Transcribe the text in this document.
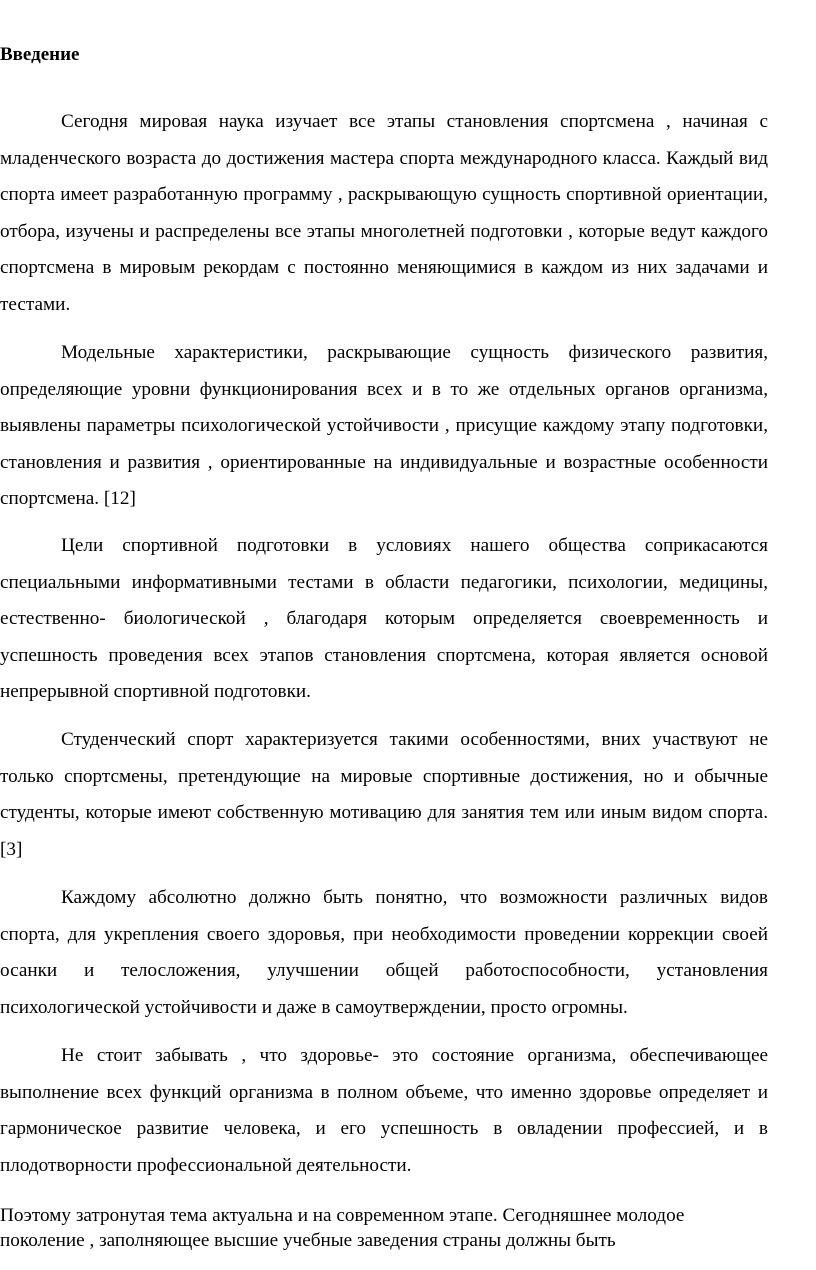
Введение

Сегодня мировая наука изучает все этапы становления спортсмена , начиная с младенческого возраста до достижения мастера спорта международного класса. Каждый вид спорта имеет разработанную программу , раскрывающую сущность спортивной ориентации, отбора, изучены и распределены все этапы многолетней подготовки , которые ведут каждого спортсмена в мировым рекордам с постоянно меняющимися в каждом из них задачами и тестами.

Модельные характеристики, раскрывающие сущность физического развития, определяющие уровни функционирования всех и в то же отдельных органов организма, выявлены параметры психологической устойчивости , присущие каждому этапу подготовки, становления и развития , ориентированные на индивидуальные и возрастные особенности спортсмена. [12]

Цели спортивной подготовки в условиях нашего общества соприкасаются специальными информативными тестами в области педагогики, психологии, медицины, естественно- биологической , благодаря которым определяется своевременность и успешность проведения всех этапов становления спортсмена, которая является основой непрерывной спортивной подготовки.

Студенческий спорт характеризуется такими особенностями, вних участвуют не только спортсмены, претендующие на мировые спортивные достижения, но и обычные студенты, которые имеют собственную мотивацию для занятия тем или иным видом спорта. [3]

Каждому абсолютно должно быть понятно, что возможности различных видов спорта, для укрепления своего здоровья, при необходимости проведении коррекции своей осанки и телосложения, улучшении общей работоспособности, установления психологической устойчивости и даже в самоутверждении, просто огромны.

Не стоит забывать , что здоровье- это состояние организма, обеспечивающее выполнение всех функций организма в полном объеме, что именно здоровье определяет и гармоническое развитие человека, и его успешность в овладении профессией, и в плодотворности профессиональной деятельности.

Поэтому затронутая тема актуальна и на современном этапе. Сегодняшнее молодое
поколение , заполняющее высшие учебные заведения страны должны быть
